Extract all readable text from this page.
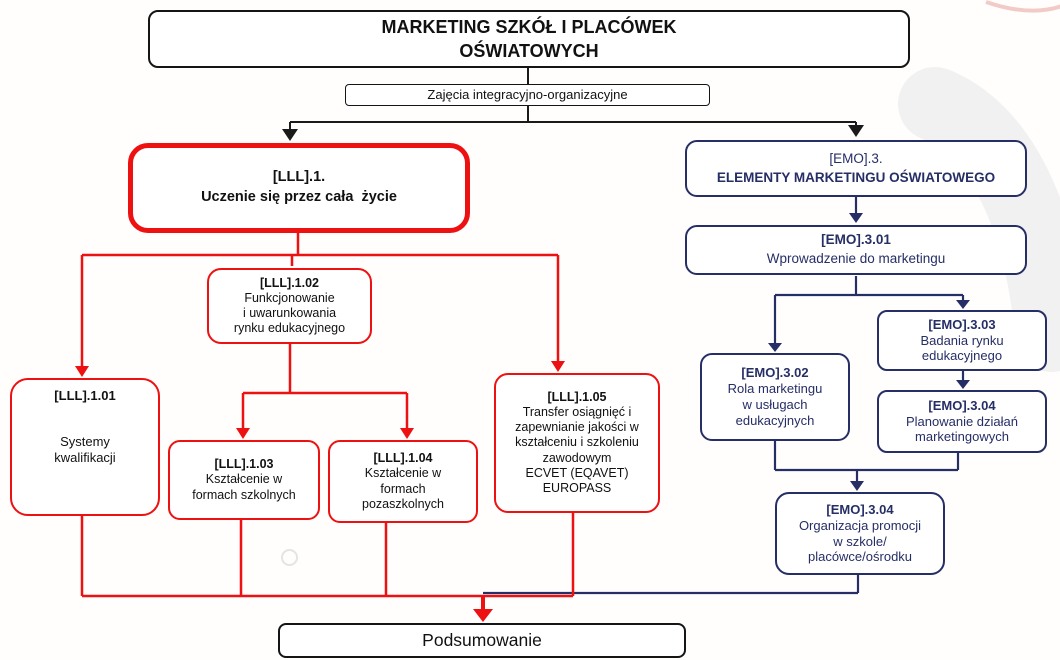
MARKETING SZKÓŁ I PLACÓWEK
OŚWIATOWYCH
Zajęcia integracyjno-organizacyjne
[LLL].1.
Uczenie się przez cała  życie
[EMO].3.
ELEMENTY MARKETINGU OŚWIATOWEGO
[EMO].3.01
Wprowadzenie do marketingu
[LLL].1.02
Funkcjonowanie
i uwarunkowania
rynku edukacyjnego
[LLL].1.01
Systemy
kwalifikacji	[LLL].1.03
Kształcenie w
formach szkolnych
[LLL].1.04
Kształcenie w
formach
pozaszkolnych
[LLL].1.05
Transfer osiągnięć i
zapewnianie jakości w
kształceniu i szkoleniu
zawodowym
ECVET (EQAVET)
EUROPASS
[EMO].3.02
Rola marketingu
w usługach
edukacyjnych
[EMO].3.03
Badania rynku
edukacyjnego
[EMO].3.04
Planowanie działań
marketingowych
[EMO].3.04
Organizacja promocji
w szkole/
placówce/ośrodku
Podsumowanie
